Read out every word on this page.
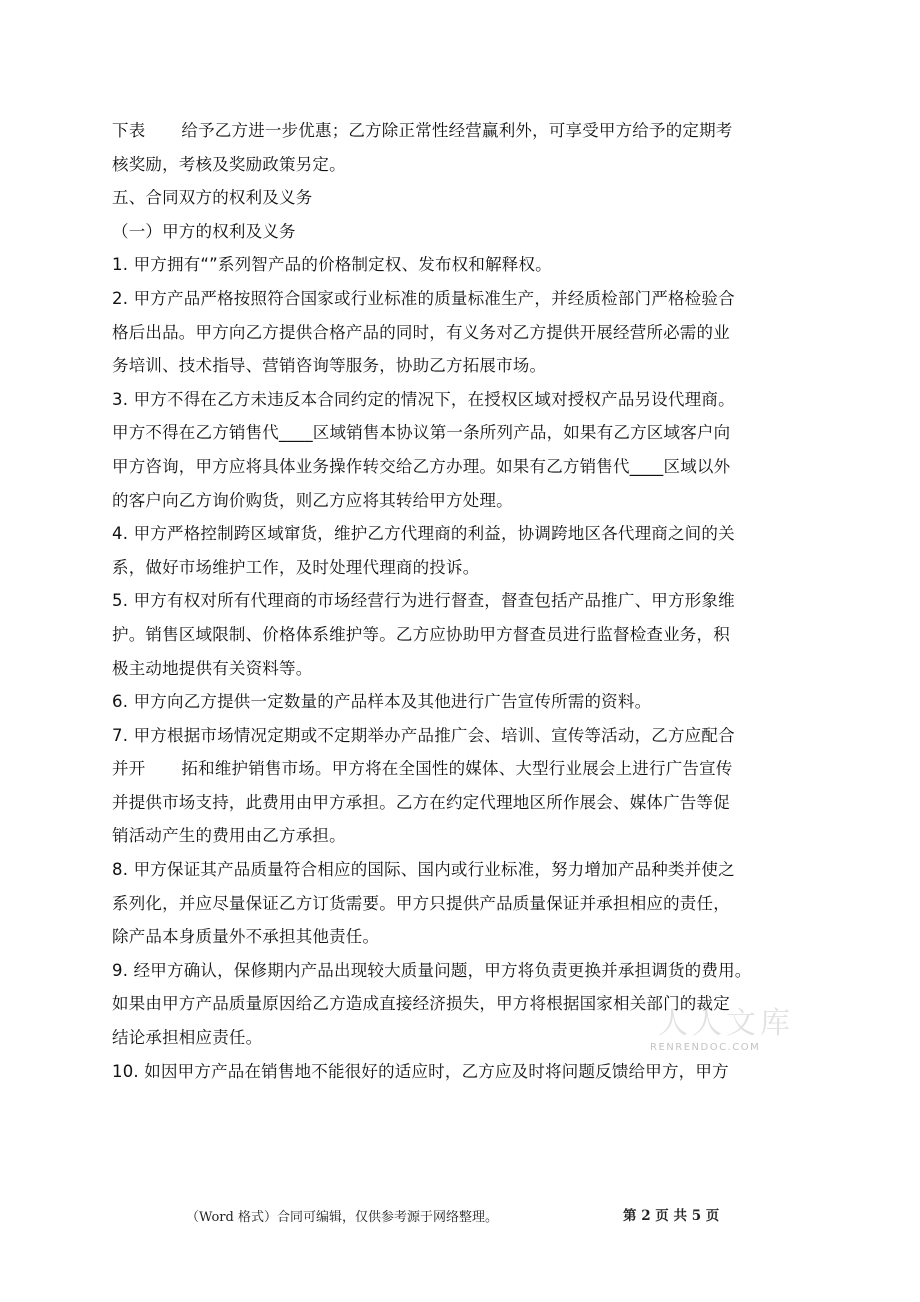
下表 给予乙方进一步优惠；乙方除正常性经营赢利外，可享受甲方给予的定期考
核奖励，考核及奖励政策另定。
五、合同双方的权利及义务
（一）甲方的权利及义务
1. 甲方拥有“”系列智产品的价格制定权、发布权和解释权。
2. 甲方产品严格按照符合国家或行业标准的质量标准生产，并经质检部门严格检验合
格后出品。甲方向乙方提供合格产品的同时，有义务对乙方提供开展经营所必需的业
务培训、技术指导、营销咨询等服务，协助乙方拓展市场。
3. 甲方不得在乙方未违反本合同约定的情况下，在授权区域对授权产品另设代理商。
甲方不得在乙方销售代____区域销售本协议第一条所列产品，如果有乙方区域客户向
甲方咨询，甲方应将具体业务操作转交给乙方办理。如果有乙方销售代____区域以外
的客户向乙方询价购货，则乙方应将其转给甲方处理。
4. 甲方严格控制跨区域窜货，维护乙方代理商的利益，协调跨地区各代理商之间的关
系，做好市场维护工作，及时处理代理商的投诉。
5. 甲方有权对所有代理商的市场经营行为进行督查，督查包括产品推广、甲方形象维
护。销售区域限制、价格体系维护等。乙方应协助甲方督查员进行监督检查业务，积
极主动地提供有关资料等。
6. 甲方向乙方提供一定数量的产品样本及其他进行广告宣传所需的资料。
7. 甲方根据市场情况定期或不定期举办产品推广会、培训、宣传等活动，乙方应配合
并开 拓和维护销售市场。甲方将在全国性的媒体、大型行业展会上进行广告宣传
并提供市场支持，此费用由甲方承担。乙方在约定代理地区所作展会、媒体广告等促
销活动产生的费用由乙方承担。
8. 甲方保证其产品质量符合相应的国际、国内或行业标准，努力增加产品种类并使之
系列化，并应尽量保证乙方订货需要。甲方只提供产品质量保证并承担相应的责任，
除产品本身质量外不承担其他责任。
9. 经甲方确认，保修期内产品出现较大质量问题，甲方将负责更换并承担调货的费用。
如果由甲方产品质量原因给乙方造成直接经济损失，甲方将根据国家相关部门的裁定
结论承担相应责任。
10. 如因甲方产品在销售地不能很好的适应时，乙方应及时将问题反馈给甲方，甲方
人人文库
RENRENDOC.COM
（Word 格式）合同可编辑，仅供参考源于网络整理。	第 2 页 共 5 页
